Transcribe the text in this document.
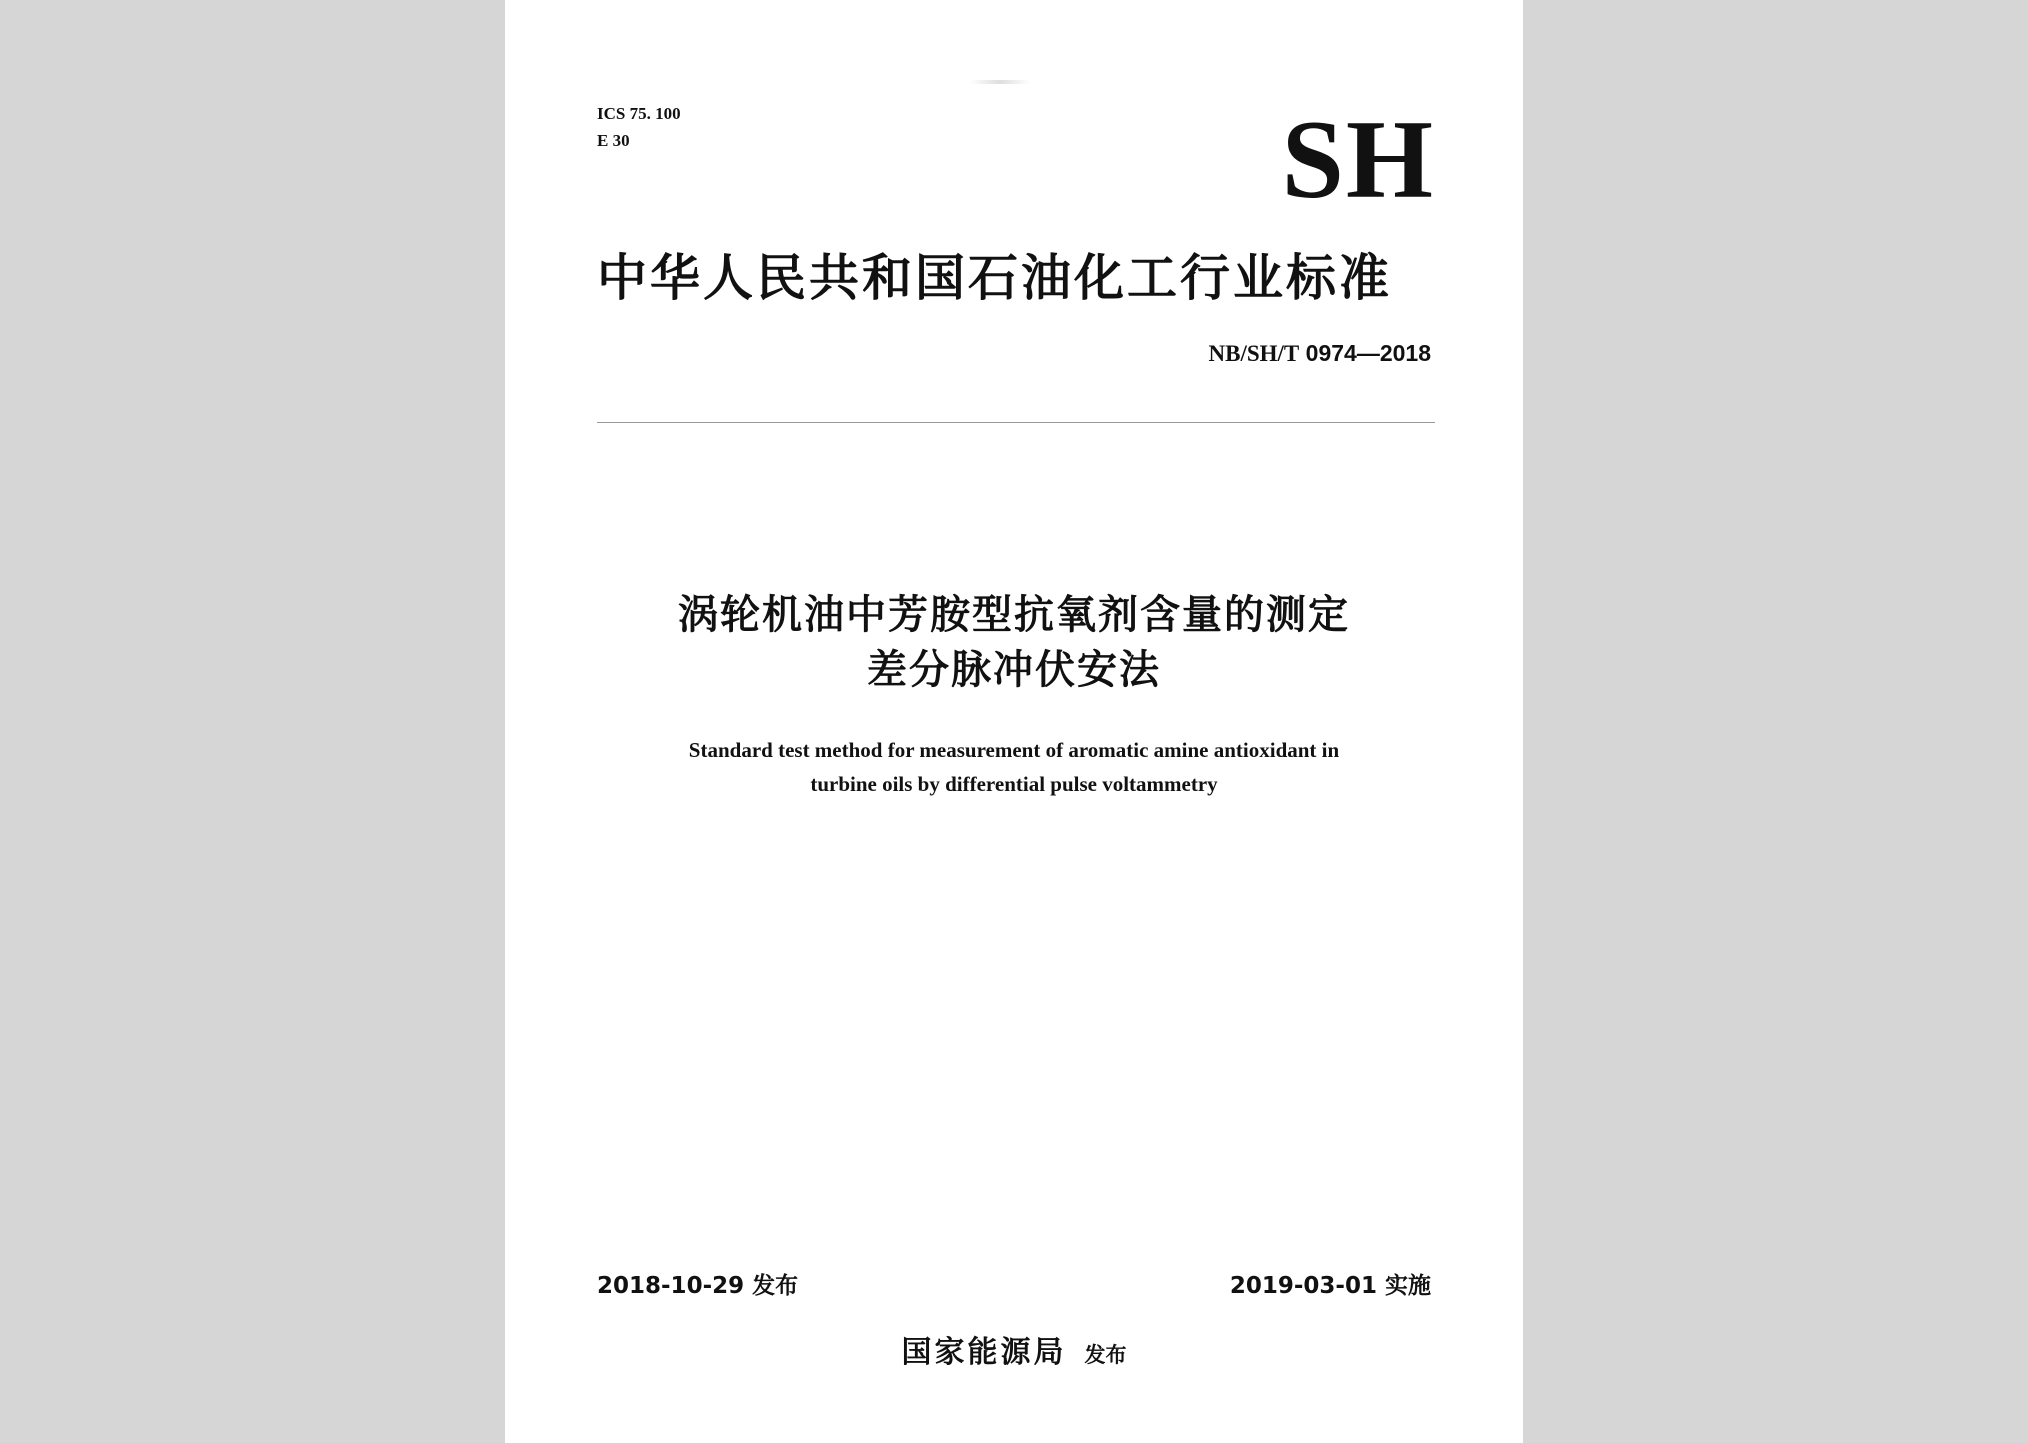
ICS 75. 100
E 30	SH
中华人民共和国石油化工行业标准
NB/SH/T 0974—2018
涡轮机油中芳胺型抗氧剂含量的测定
差分脉冲伏安法
Standard test method for measurement of aromatic amine antioxidant in
turbine oils by differential pulse voltammetry
2018-10-29 发布	2019-03-01 实施
国家能源局 发布
